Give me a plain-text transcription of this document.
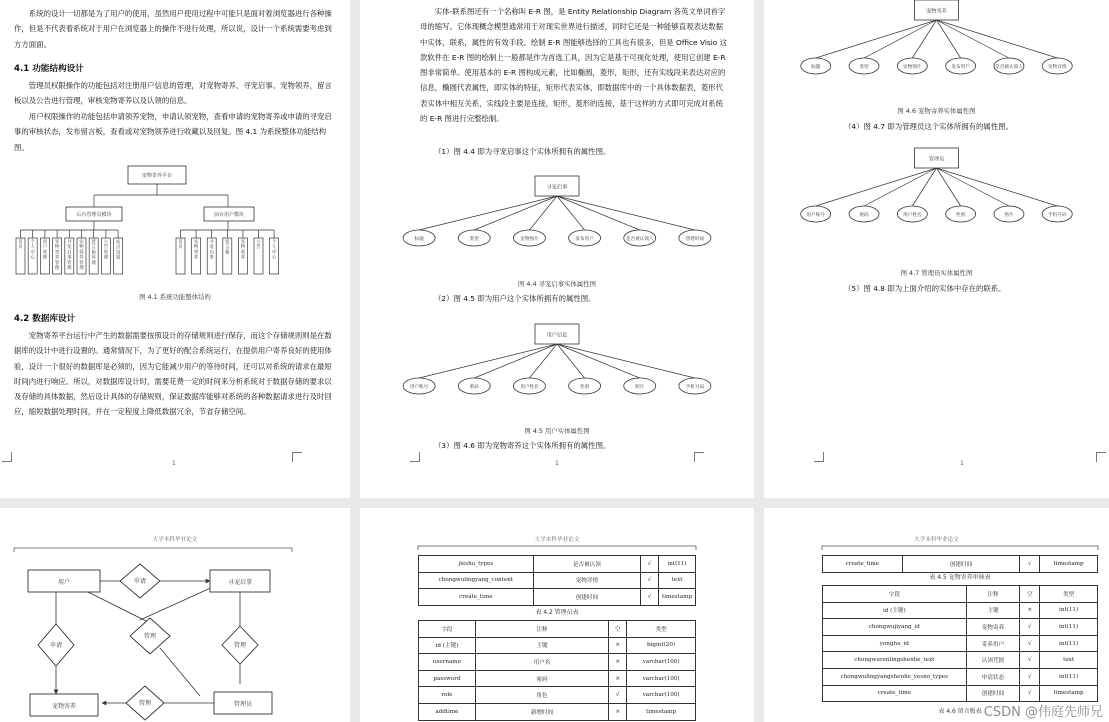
系统的设计一切都是为了用户的使用，虽然用户使用过程中可能只是面对着浏览器进行各种操作，但是不代表着系统对于用户在浏览器上的操作不进行处理，所以说，设计一个系统需要考虑到方方面面。

4.1 功能结构设计

管理员权限操作的功能包括对注册用户信息的管理，对宠物寄养、寻宠启事、宠物领养，留言板以及公告进行管理，审核宠物寄养以及认领的信息。

用户权限操作的功能包括申请领养宠物，申请认领宠物，查看申请的宠物寄养或申请的寻宠启事的审核状态，发布留言板，查看或对宠物领养进行收藏以及回复。图 4.1 为系统整体功能结构图。

宠物寄养平台
后台管理员模块	前台用户模块
首页
个人中心
用户管理
宠物寄养管理
寻宠启事管理
宠物领养管理
留言板管理
公告管理
站点设置
首页
宠物寄养
寻宠启事
留言板
宠物领养
公告
个人中心
图 4.1 系统功能整体结构
4.2 数据库设计

宠物寄养平台运行中产生的数据需要按照设计的存储规则进行保存，而这个存储规则则是在数据库的设计中进行设置的。通常情况下，为了更好的配合系统运行，在提供用户寄养良好的使用体验，设计一个很好的数据库是必须的，因为它能减少用户的等待时间，还可以对系统的请求在最短时间内进行响应。所以，对数据库设计时，需要花费一定的时间来分析系统对于数据存储的要求以及存储的具体数据，然后设计具体的存储规则，保证数据库能够对系统的各种数据请求进行及时回应，缩短数据处理时间，并在一定程度上降低数据冗余，节省存储空间。

1

实体-联系图还有一个名称叫 E-R 图，是 Entity Relationship Diagram 各英文单词首字母的缩写。它体现概念模型通常用于对现实世界进行描述，同时它还是一种能够直观表达数据中实体，联系，属性的有效手段。绘制 E-R 图能够选择的工具也有很多，但是 Office Visio 这款软件在 E-R 图的绘制上一般都是作为首选工具，因为它是基于可视化处理，使用它创建 E-R 图非常简单。使用基本的 E-R 图构成元素，比如椭圆，菱形，矩形，还有实线段来表达对应的信息，椭圆代表属性，即实体的特征，矩形代表实体，即数据库中的一个具体数据表，菱形代表实体中相互关系，实线段主要是连接，矩形，菱形的连接，基于这样的方式即可完成对系统的 E-R 图进行完整绘制。

（1）图 4.4 即为寻宠启事这个实体所拥有的属性图。
寻宠启事
标题	类型	宠物图片	发布用户	是否被认领人	创建时间
图 4.4 寻宠启事实体属性图
（2）图 4.5 即为用户这个实体所拥有的属性图。
用户信息
用户账号	密码	用户姓名	性别	照片	手机号码
图 4.5 用户实体属性图
（3）图 4.6 即为宠物寄养这个实体所拥有的属性图。
1
宠物寄养
标题	类型	宠物图片	发布用户	是否被认领人	宠物详情
图 4.6 宠物寄养实体属性图
（4）图 4.7 即为管理员这个实体所拥有的属性图。
管理员
用户账号	密码	用户姓名	性别	照片	手机号码
图 4.7 管理员实体属性图
（5）图 4.8 即为上面介绍的实体中存在的联系。
1
大学本科毕业论文
用户	寻宠启事
宠物寄养	管理员
申请
申请
管理
管理
管理
大学本科毕业论文
jieshu_types	是否被认领	√	int(11)
chongwulingyang_content	宠物详情	√	text
create_time	创建时间	√	timestamp
表 4.2 管理员表
字段	注释	空	类型
id (主键)	主键	×	bigint(20)
username	用户名	×	varchar(100)
password	密码	×	varchar(100)
role	角色	√	varchar(100)
addtime	新增时间	×	timestamp
大学本科毕业论文
create_time	创建时间	√	timestamp
表 4.5 宠物寄养审核表
字段	注释	空	类型
id (主键)	主键	×	int(11)
chongwujiyang_id	宠物寄养	√	int(11)
yonghu_id	寄养用户	√	int(11)
chongwurenlingshenhe_text	认领凭据	√	text
chongwulingyangshenhe_yesno_types	申请状态	√	int(11)
create_time	创建时间	√	timestamp
表 4.6 留言板表 CSDN @伟庭先师兄
